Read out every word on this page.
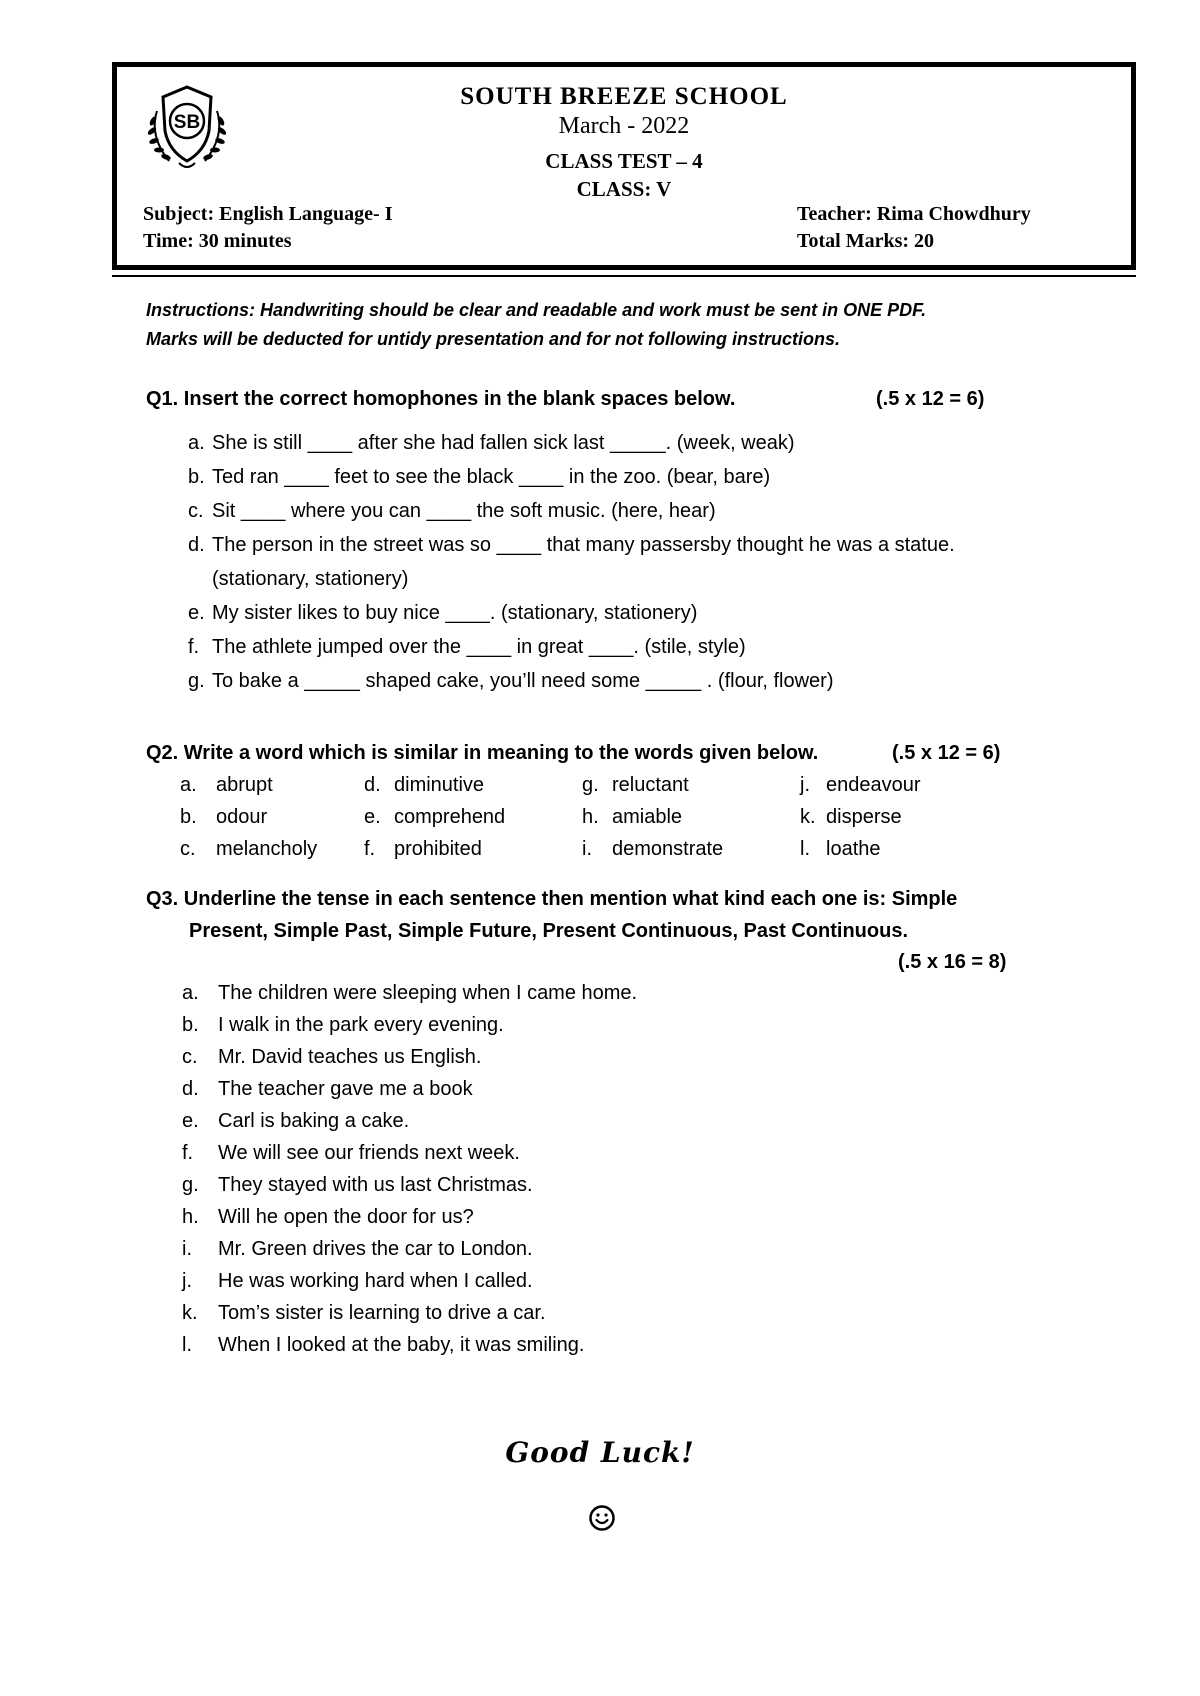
SB
SOUTH BREEZE SCHOOL
March - 2022
CLASS TEST – 4
CLASS: V
Subject: English Language- I
Time: 30 minutes
Teacher: Rima Chowdhury
Total Marks: 20
Instructions: Handwriting should be clear and readable and work must be sent in ONE PDF.
Marks will be deducted for untidy presentation and for not following instructions.
Q1. Insert the correct homophones in the blank spaces below.	(.5 x 12 = 6)
a. She is still ____ after she had fallen sick last _____. (week, weak)
b. Ted ran ____ feet to see the black ____ in the zoo. (bear, bare)
c. Sit ____ where you can ____ the soft music. (here, hear)
d. The person in the street was so ____ that many passersby thought he was a statue.
(stationary, stationery)
e. My sister likes to buy nice ____. (stationary, stationery)
f. The athlete jumped over the ____ in great ____. (stile, style)
g. To bake a _____ shaped cake, you’ll need some _____ . (flour, flower)
Q2. Write a word which is similar in meaning to the words given below.	(.5 x 12 = 6)
a. abrupt
b. odour
c. melancholy
d. diminutive
e. comprehend
f. prohibited
g. reluctant
h. amiable
i. demonstrate
j. endeavour
k. disperse
l. loathe
Q3. Underline the tense in each sentence then mention what kind each one is: Simple
Present, Simple Past, Simple Future, Present Continuous, Past Continuous.
(.5 x 16 = 8)
a. The children were sleeping when I came home.
b. I walk in the park every evening.
c. Mr. David teaches us English.
d. The teacher gave me a book
e. Carl is baking a cake.
f. We will see our friends next week.
g. They stayed with us last Christmas.
h. Will he open the door for us?
i. Mr. Green drives the car to London.
j. He was working hard when I called.
k. Tom’s sister is learning to drive a car.
l. When I looked at the baby, it was smiling.
Good Luck!
